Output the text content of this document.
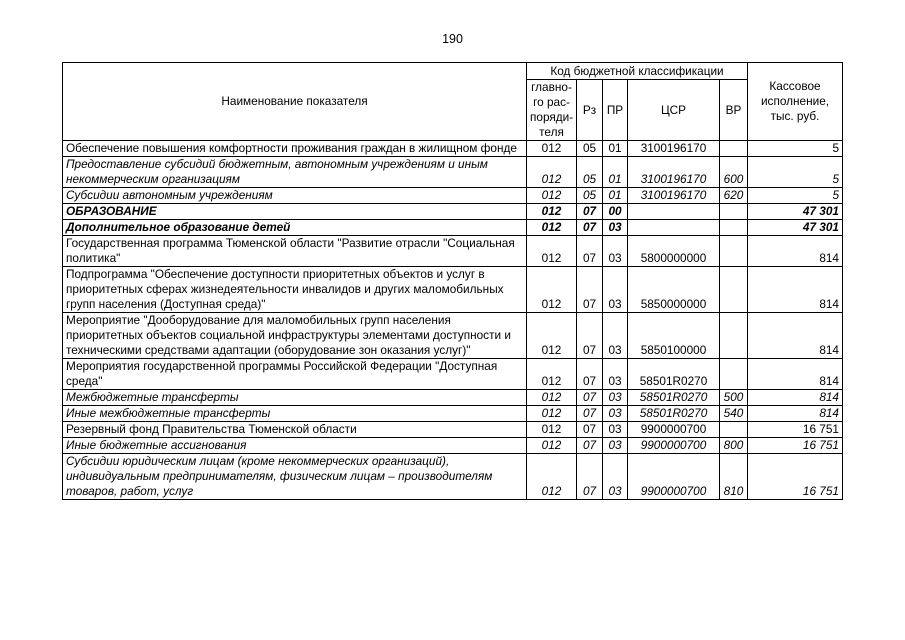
190
Наименование показателя	Код бюджетной классификации					Кассовое
исполнение,
тыс. руб.

	главно-
го рас-
поряди-
теля	Рз	ПР	ЦСР	ВР	
Обеспечение повышения комфортности проживания граждан в жилищном фонде	012	05	01	3100196170		5
Предоставление субсидий бюджетным, автономным учреждениям и иным некоммерческим организациям	012	05	01	3100196170	600	5
Субсидии автономным учреждениям	012	05	01	3100196170	620	5
ОБРАЗОВАНИЕ	012	07	00			47 301
Дополнительное образование детей	012	07	03			47 301
Государственная программа Тюменской области "Развитие отрасли "Социальная политика"	012	07	03	5800000000		814
Подпрограмма "Обеспечение доступности приоритетных объектов и услуг в приоритетных сферах жизнедеятельности инвалидов и других маломобильных групп населения (Доступная среда)"	012	07	03	5850000000		814
Мероприятие "Дооборудование для маломобильных групп населения приоритетных объектов социальной инфраструктуры элементами доступности и техническими средствами адаптации (оборудование зон оказания услуг)"	012	07	03	5850100000		814
Мероприятия государственной программы Российской Федерации "Доступная среда"	012	07	03	58501R0270		814
Межбюджетные трансферты	012	07	03	58501R0270	500	814
Иные межбюджетные трансферты	012	07	03	58501R0270	540	814
Резервный фонд Правительства Тюменской области	012	07	03	9900000700		16 751
Иные бюджетные ассигнования	012	07	03	9900000700	800	16 751
Субсидии юридическим лицам (кроме некоммерческих организаций), индивидуальным предпринимателям, физическим лицам – производителям товаров, работ, услуг	012	07	03	9900000700	810	16 751
